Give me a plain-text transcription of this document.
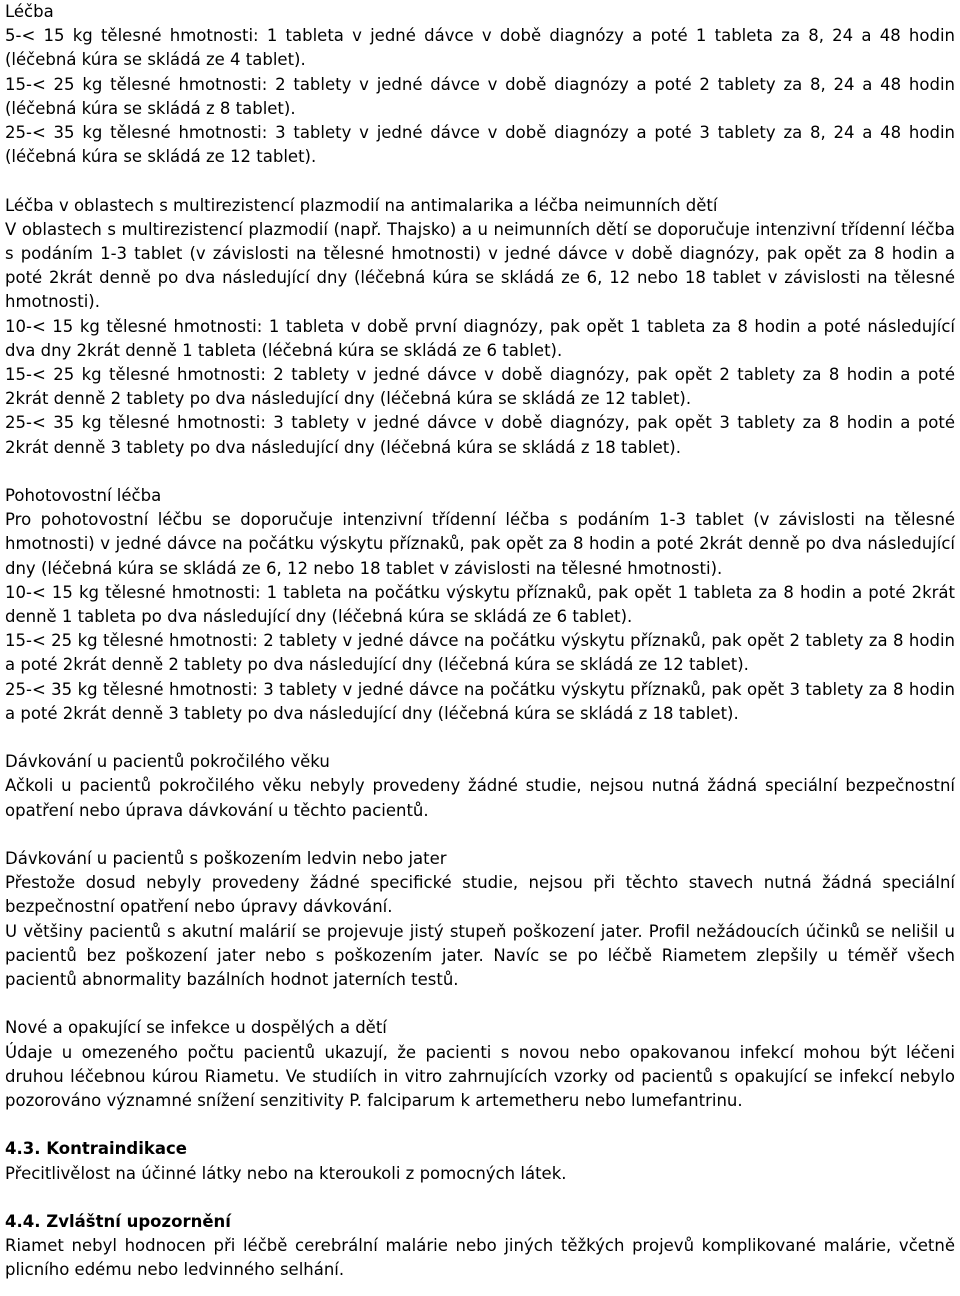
Léčba

5-< 15 kg tělesné hmotnosti: 1 tableta v jedné dávce v době diagnózy a poté 1 tableta za 8, 24 a 48 hodin (léčebná kúra se skládá ze 4 tablet).

15-< 25 kg tělesné hmotnosti: 2 tablety v jedné dávce v době diagnózy a poté 2 tablety za 8, 24 a 48 hodin (léčebná kúra se skládá z 8 tablet).

25-< 35 kg tělesné hmotnosti: 3 tablety v jedné dávce v době diagnózy a poté 3 tablety za 8, 24 a 48 hodin (léčebná kúra se skládá ze 12 tablet).

Léčba v oblastech s multirezistencí plazmodií na antimalarika a léčba neimunních dětí

V oblastech s multirezistencí plazmodií (např. Thajsko) a u neimunních dětí se doporučuje intenzivní třídenní léčba s podáním 1-3 tablet (v závislosti na tělesné hmotnosti) v jedné dávce v době diagnózy, pak opět za 8 hodin a poté 2krát denně po dva následující dny (léčebná kúra se skládá ze 6, 12 nebo 18 tablet v závislosti na tělesné hmotnosti).

10-< 15 kg tělesné hmotnosti: 1 tableta v době první diagnózy, pak opět 1 tableta za 8 hodin a poté následující dva dny 2krát denně 1 tableta (léčebná kúra se skládá ze 6 tablet).

15-< 25 kg tělesné hmotnosti: 2 tablety v jedné dávce v době diagnózy, pak opět 2 tablety za 8 hodin a poté 2krát denně 2 tablety po dva následující dny (léčebná kúra se skládá ze 12 tablet).

25-< 35 kg tělesné hmotnosti: 3 tablety v jedné dávce v době diagnózy, pak opět 3 tablety za 8 hodin a poté 2krát denně 3 tablety po dva následující dny (léčebná kúra se skládá z 18 tablet).

Pohotovostní léčba

Pro pohotovostní léčbu se doporučuje intenzivní třídenní léčba s podáním 1-3 tablet (v závislosti na tělesné hmotnosti) v jedné dávce na počátku výskytu příznaků, pak opět za 8 hodin a poté 2krát denně po dva následující dny (léčebná kúra se skládá ze 6, 12 nebo 18 tablet v závislosti na tělesné hmotnosti).

10-< 15 kg tělesné hmotnosti: 1 tableta na počátku výskytu příznaků, pak opět 1 tableta za 8 hodin a poté 2krát denně 1 tableta po dva následující dny (léčebná kúra se skládá ze 6 tablet).

15-< 25 kg tělesné hmotnosti: 2 tablety v jedné dávce na počátku výskytu příznaků, pak opět 2 tablety za 8 hodin a poté 2krát denně 2 tablety po dva následující dny (léčebná kúra se skládá ze 12 tablet).

25-< 35 kg tělesné hmotnosti: 3 tablety v jedné dávce na počátku výskytu příznaků, pak opět 3 tablety za 8 hodin a poté 2krát denně 3 tablety po dva následující dny (léčebná kúra se skládá z 18 tablet).

Dávkování u pacientů pokročilého věku

Ačkoli u pacientů pokročilého věku nebyly provedeny žádné studie, nejsou nutná žádná speciální bezpečnostní opatření nebo úprava dávkování u těchto pacientů.

Dávkování u pacientů s poškozením ledvin nebo jater

Přestože dosud nebyly provedeny žádné specifické studie, nejsou při těchto stavech nutná žádná speciální bezpečnostní opatření nebo úpravy dávkování.

U většiny pacientů s akutní malárií se projevuje jistý stupeň poškození jater. Profil nežádoucích účinků se nelišil u pacientů bez poškození jater nebo s poškozením jater. Navíc se po léčbě Riametem zlepšily u téměř všech pacientů abnormality bazálních hodnot jaterních testů.

Nové a opakující se infekce u dospělých a dětí

Údaje u omezeného počtu pacientů ukazují, že pacienti s novou nebo opakovanou infekcí mohou být léčeni druhou léčebnou kúrou Riametu. Ve studiích in vitro zahrnujících vzorky od pacientů s opakující se infekcí nebylo pozorováno významné snížení senzitivity P. falciparum k artemetheru nebo lumefantrinu.

4.3. Kontraindikace

Přecitlivělost na účinné látky nebo na kteroukoli z pomocných látek.

4.4. Zvláštní upozornění

Riamet nebyl hodnocen při léčbě cerebrální malárie nebo jiných těžkých projevů komplikované malárie, včetně plicního edému nebo ledvinného selhání.
